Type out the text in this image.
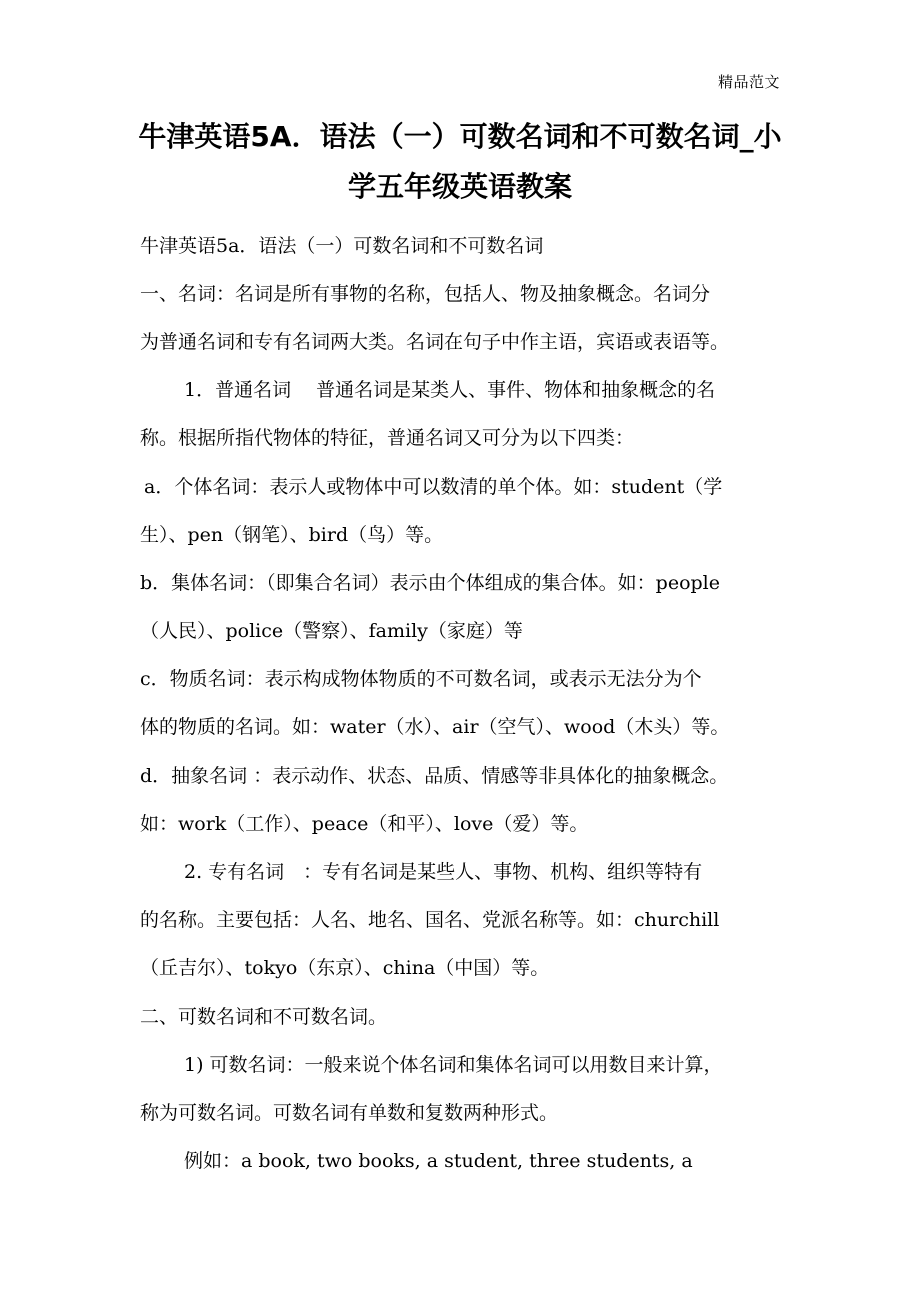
精品范文
牛津英语5A．语法（一）可数名词和不可数名词_小
学五年级英语教案
牛津英语5a．语法（一）可数名词和不可数名词
一、名词：名词是所有事物的名称，包括人、物及抽象概念。名词分
为普通名词和专有名词两大类。名词在句子中作主语，宾语或表语等。
1．普通名词　 普通名词是某类人、事件、物体和抽象概念的名
称。根据所指代物体的特征，普通名词又可分为以下四类：
a．个体名词：表示人或物体中可以数清的单个体。如：student（学
生）、pen（钢笔）、bird（鸟）等。
b．集体名词：（即集合名词）表示由个体组成的集合体。如：people
（人民）、police（警察）、family（家庭）等
c．物质名词：表示构成物体物质的不可数名词，或表示无法分为个
体的物质的名词。如：water（水）、air（空气）、wood（木头）等。
d．抽象名词 ：表示动作、状态、品质、情感等非具体化的抽象概念。
如：work（工作）、peace（和平）、love（爱）等。
2. 专有名词　：专有名词是某些人、事物、机构、组织等特有
的名称。主要包括：人名、地名、国名、党派名称等。如：churchill
（丘吉尔）、tokyo（东京）、china（中国）等。
二、可数名词和不可数名词。
1) 可数名词：一般来说个体名词和集体名词可以用数目来计算，
称为可数名词。可数名词有单数和复数两种形式。
例如：a book, two books, a student, three students, a
